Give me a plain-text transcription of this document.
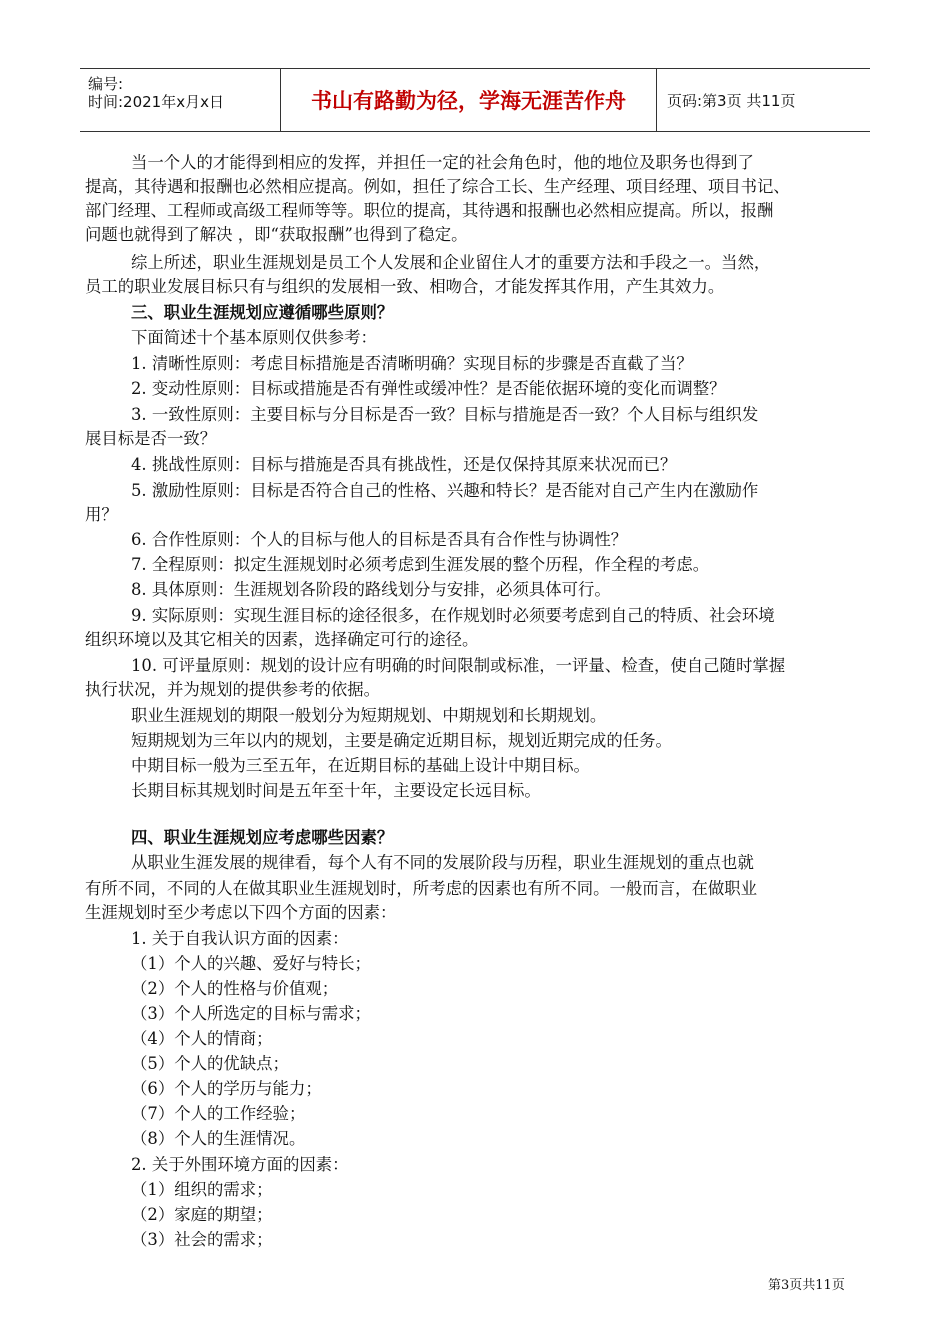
编号:
时间:2021年x月x日	书山有路勤为径，学海无涯苦作舟	页码:第3页 共11页
当一个人的才能得到相应的发挥，并担任一定的社会角色时，他的地位及职务也得到了
提高，其待遇和报酬也必然相应提高。例如，担任了综合工长、生产经理、项目经理、项目书记、
部门经理、工程师或高级工程师等等。职位的提高，其待遇和报酬也必然相应提高。所以，报酬
问题也就得到了解决 ，即“获取报酬”也得到了稳定。
综上所述，职业生涯规划是员工个人发展和企业留住人才的重要方法和手段之一。当然，
员工的职业发展目标只有与组织的发展相一致、相吻合，才能发挥其作用，产生其效力。
三、职业生涯规划应遵循哪些原则？
下面简述十个基本原则仅供参考：
1. 清晰性原则：考虑目标措施是否清晰明确？实现目标的步骤是否直截了当？
2. 变动性原则：目标或措施是否有弹性或缓冲性？是否能依据环境的变化而调整？
3. 一致性原则：主要目标与分目标是否一致？目标与措施是否一致？个人目标与组织发
展目标是否一致？
4. 挑战性原则：目标与措施是否具有挑战性，还是仅保持其原来状况而已？
5. 激励性原则：目标是否符合自己的性格、兴趣和特长？是否能对自己产生内在激励作
用？
6. 合作性原则：个人的目标与他人的目标是否具有合作性与协调性？
7. 全程原则：拟定生涯规划时必须考虑到生涯发展的整个历程，作全程的考虑。
8. 具体原则：生涯规划各阶段的路线划分与安排，必须具体可行。
9. 实际原则：实现生涯目标的途径很多，在作规划时必须要考虑到自己的特质、社会环境
组织环境以及其它相关的因素，选择确定可行的途径。
10. 可评量原则：规划的设计应有明确的时间限制或标准，一评量、检查，使自己随时掌握
执行状况，并为规划的提供参考的依据。
职业生涯规划的期限一般划分为短期规划、中期规划和长期规划。
短期规划为三年以内的规划，主要是确定近期目标，规划近期完成的任务。
中期目标一般为三至五年，在近期目标的基础上设计中期目标。
长期目标其规划时间是五年至十年，主要设定长远目标。
四、职业生涯规划应考虑哪些因素？
从职业生涯发展的规律看，每个人有不同的发展阶段与历程，职业生涯规划的重点也就
有所不同，不同的人在做其职业生涯规划时，所考虑的因素也有所不同。一般而言，在做职业
生涯规划时至少考虑以下四个方面的因素：
1. 关于自我认识方面的因素：
（1）个人的兴趣、爱好与特长；
（2）个人的性格与价值观；
（3）个人所选定的目标与需求；
（4）个人的情商；
（5）个人的优缺点；
（6）个人的学历与能力；
（7）个人的工作经验；
（8）个人的生涯情况。
2. 关于外围环境方面的因素：
（1）组织的需求；
（2）家庭的期望；
（3）社会的需求；
第3页共11页
